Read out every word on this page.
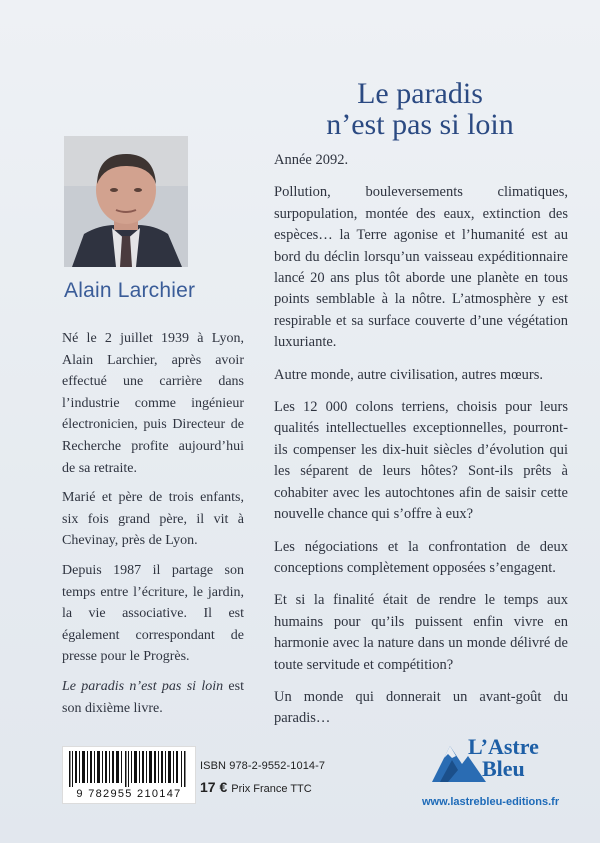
Le paradis
n’est pas si loin
Alain Larchier

Né le 2 juillet 1939 à Lyon, Alain Larchier, après avoir effectué une carrière dans l’industrie comme ingénieur électronicien, puis Directeur de Recherche profite aujourd’hui de sa retraite.

Marié et père de trois enfants, six fois grand père, il vit à Chevinay, près de Lyon.

Depuis 1987 il partage son temps entre l’écriture, le jardin, la vie associative. Il est également correspondant de presse pour le Progrès.

Le paradis n’est pas si loin est son dixième livre.

Année 2092.

Pollution, bouleversements climatiques, surpopulation, montée des eaux, extinction des espèces… la Terre agonise et l’humanité est au bord du déclin lorsqu’un vaisseau expéditionnaire lancé 20 ans plus tôt aborde une planète en tous points semblable à la nôtre. L’atmosphère y est respirable et sa surface couverte d’une végétation luxuriante.

Autre monde, autre civilisation, autres mœurs.

Les 12 000 colons terriens, choisis pour leurs qualités intellectuelles exceptionnelles, pourront-ils compenser les dix-huit siècles d’évolution qui les séparent de leurs hôtes? Sont-ils prêts à cohabiter avec les autochtones afin de saisir cette nouvelle chance qui s’offre à eux?

Les négociations et la confrontation de deux conceptions complètement opposées s’engagent.

Et si la finalité était de rendre le temps aux humains pour qu’ils puissent enfin vivre en harmonie avec la nature dans un monde délivré de toute servitude et compétition?

Un monde qui donnerait un avant-goût du paradis…

9 782955 210147
ISBN 978-2-9552-1014-7
17 € Prix France TTC
L’Astre
Bleu
www.lastrebleu-editions.fr
